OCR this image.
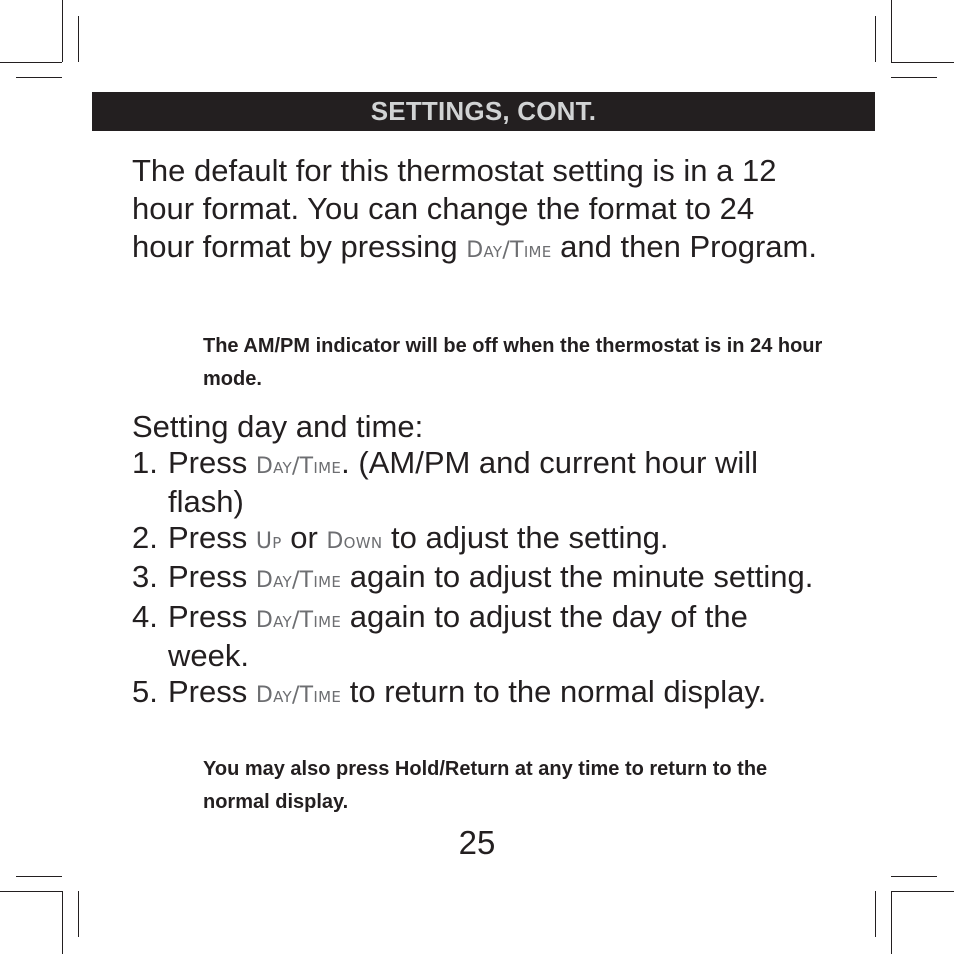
SETTINGS, CONT.

The default for this thermostat setting is in a 12 hour format. You can change the format to 24 hour format by pressing Day/Time and then Program.

The AM/PM indicator will be off when the thermostat is in 24 hour mode.

Setting day and time:

1. Press Day/Time. (AM/PM and current hour will flash)
2. Press Up or Down to adjust the setting.
3. Press Day/Time again to adjust the minute setting.
4. Press Day/Time again to adjust the day of the week.
5. Press Day/Time to return to the normal display.

You may also press Hold/Return at any time to return to the normal display.

25
